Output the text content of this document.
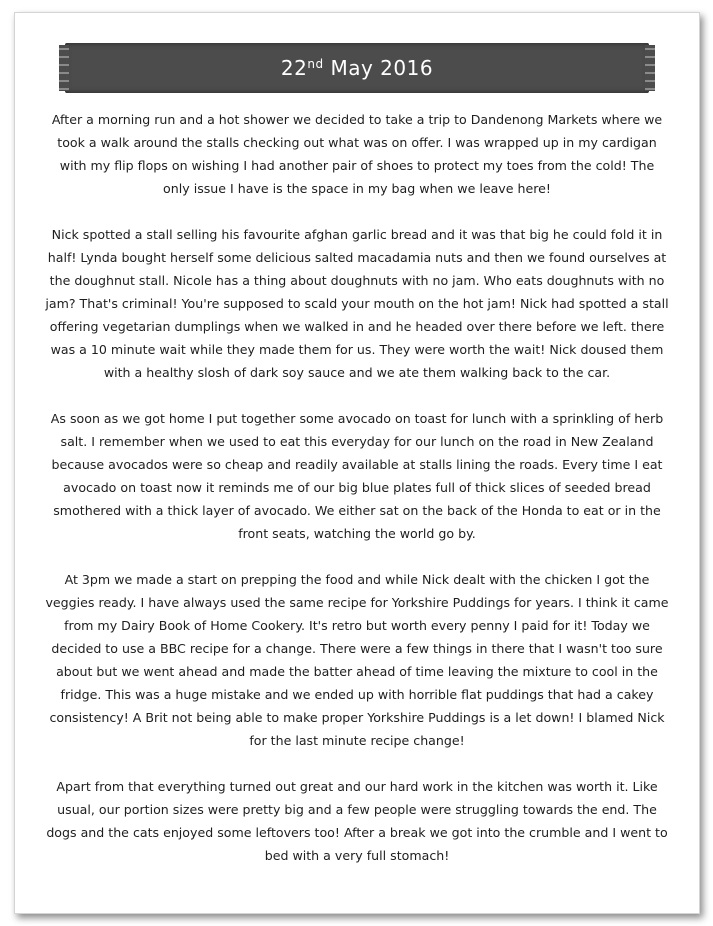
22nd May 2016

After a morning run and a hot shower we decided to take a trip to Dandenong Markets where we took a walk around the stalls checking out what was on offer. I was wrapped up in my cardigan with my flip flops on wishing I had another pair of shoes to protect my toes from the cold! The only issue I have is the space in my bag when we leave here!

Nick spotted a stall selling his favourite afghan garlic bread and it was that big he could fold it in half! Lynda bought herself some delicious salted macadamia nuts and then we found ourselves at the doughnut stall. Nicole has a thing about doughnuts with no jam. Who eats doughnuts with no jam? That's criminal! You're supposed to scald your mouth on the hot jam! Nick had spotted a stall offering vegetarian dumplings when we walked in and he headed over there before we left. there was a 10 minute wait while they made them for us. They were worth the wait! Nick doused them with a healthy slosh of dark soy sauce and we ate them walking back to the car.

As soon as we got home I put together some avocado on toast for lunch with a sprinkling of herb salt. I remember when we used to eat this everyday for our lunch on the road in New Zealand because avocados were so cheap and readily available at stalls lining the roads. Every time I eat avocado on toast now it reminds me of our big blue plates full of thick slices of seeded bread smothered with a thick layer of avocado. We either sat on the back of the Honda to eat or in the front seats, watching the world go by.

At 3pm we made a start on prepping the food and while Nick dealt with the chicken I got the veggies ready. I have always used the same recipe for Yorkshire Puddings for years. I think it came from my Dairy Book of Home Cookery. It's retro but worth every penny I paid for it! Today we decided to use a BBC recipe for a change. There were a few things in there that I wasn't too sure about but we went ahead and made the batter ahead of time leaving the mixture to cool in the fridge. This was a huge mistake and we ended up with horrible flat puddings that had a cakey consistency! A Brit not being able to make proper Yorkshire Puddings is a let down! I blamed Nick for the last minute recipe change!

Apart from that everything turned out great and our hard work in the kitchen was worth it. Like usual, our portion sizes were pretty big and a few people were struggling towards the end. The dogs and the cats enjoyed some leftovers too! After a break we got into the crumble and I went to bed with a very full stomach!
